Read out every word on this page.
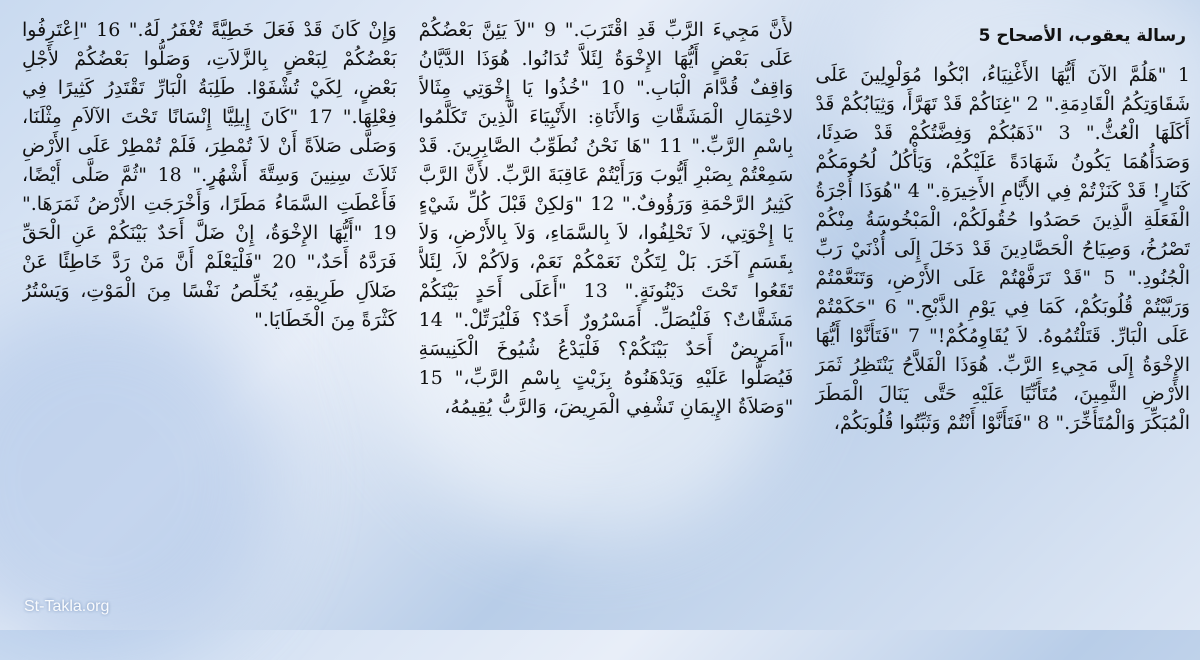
رسالة يعقوب، الأصحاح 5

1 "هَلُمَّ الآنَ أَيُّهَا الأَغْنِيَاءُ، ابْكُوا مُوَلْوِلِينَ عَلَى شَقَاوَتِكُمُ الْقَادِمَةِ." 2 "غِنَاكُمْ قَدْ تَهَرَّأَ، وَثِيَابُكُمْ قَدْ أَكَلَهَا الْعُثُّ." 3 "ذَهَبُكُمْ وَفِضَّتُكُمْ قَدْ صَدِئَا، وَصَدَأُهُمَا يَكُونُ شَهَادَةً عَلَيْكُمْ، وَيَأْكُلُ لُحُومَكُمْ كَنَارٍ! قَدْ كَنَزْتُمْ فِي الأَيَّامِ الأَخِيرَةِ." 4 "هُوَذَا أُجْرَةُ الْفَعَلَةِ الَّذِينَ حَصَدُوا حُقُولَكُمْ، الْمَبْخُوسَةُ مِنْكُمْ تَصْرُخُ، وَصِيَاحُ الْحَصَّادِينَ قَدْ دَخَلَ إِلَى أُذْنَيْ رَبِّ الْجُنُودِ." 5 "قَدْ تَرَفَّهْتُمْ عَلَى الأَرْضِ، وَتَنَعَّمْتُمْ وَرَبَّيْتُمْ قُلُوبَكُمْ، كَمَا فِي يَوْمِ الذَّبْحِ." 6 "حَكَمْتُمْ عَلَى الْبَارِّ. قَتَلْتُمُوهُ. لاَ يُقَاوِمُكُمْ!" 7 "فَتَأَنَّوْا أَيُّهَا الإِخْوَةُ إِلَى مَجِيءِ الرَّبِّ. هُوَذَا الْفَلاَّحُ يَنْتَظِرُ ثَمَرَ الأَرْضِ الثَّمِينَ، مُتَأَنِّيًا عَلَيْهِ حَتَّى يَنَالَ الْمَطَرَ الْمُبَكِّرَ وَالْمُتَأَخِّرَ." 8 "فَتَأَنَّوْا أَنْتُمْ وَثَبِّتُوا قُلُوبَكُمْ،

لأَنَّ مَجِيءَ الرَّبِّ قَدِ اقْتَرَبَ." 9 "لاَ يَئِنَّ بَعْضُكُمْ عَلَى بَعْضٍ أَيُّهَا الإِخْوَةُ لِئَلاَّ تُدَانُوا. هُوَذَا الدَّيَّانُ وَاقِفٌ قُدَّامَ الْبَابِ." 10 "خُذُوا يَا إِخْوَتِي مِثَالاً لاحْتِمَالِ الْمَشَقَّاتِ وَالأَنَاةِ: الأَنْبِيَاءَ الَّذِينَ تَكَلَّمُوا بِاسْمِ الرَّبِّ." 11 "هَا نَحْنُ نُطَوِّبُ الصَّابِرِينَ. قَدْ سَمِعْتُمْ بِصَبْرِ أَيُّوبَ وَرَأَيْتُمْ عَاقِبَةَ الرَّبِّ. لأَنَّ الرَّبَّ كَثِيرُ الرَّحْمَةِ وَرَؤُوفٌ." 12 "وَلكِنْ قَبْلَ كُلِّ شَيْءٍ يَا إِخْوَتِي، لاَ تَحْلِفُوا، لاَ بِالسَّمَاءِ، وَلاَ بِالأَرْضِ، وَلاَ بِقَسَمٍ آخَرَ. بَلْ لِتَكُنْ نَعَمْكُمْ نَعَمْ، وَلاَكُمْ لاَ، لِئَلاَّ تَقَعُوا تَحْتَ دَيْنُونَةٍ." 13 "أَعَلَى أَحَدٍ بَيْنَكُمْ مَشَقَّاتٌ؟ فَلْيُصَلِّ. أَمَسْرُورٌ أَحَدٌ؟ فَلْيُرَتِّلْ." 14 "أَمَرِيضٌ أَحَدٌ بَيْنَكُمْ؟ فَلْيَدْعُ شُيُوخَ الْكَنِيسَةِ فَيُصَلُّوا عَلَيْهِ وَيَدْهَنُوهُ بِزَيْتٍ بِاسْمِ الرَّبِّ،" 15 "وَصَلاَةُ الإِيمَانِ تَشْفِي الْمَرِيضَ، وَالرَّبُّ يُقِيمُهُ،

وَإِنْ كَانَ قَدْ فَعَلَ خَطِيَّةً تُغْفَرُ لَهُ." 16 "اِعْتَرِفُوا بَعْضُكُمْ لِبَعْضٍ بِالزَّلاَتِ، وَصَلُّوا بَعْضُكُمْ لأَجْلِ بَعْضٍ، لِكَيْ تُشْفَوْا. طَلِبَةُ الْبَارِّ تَقْتَدِرُ كَثِيرًا فِي فِعْلِهَا." 17 "كَانَ إِيلِيَّا إِنْسَانًا تَحْتَ الآلاَمِ مِثْلَنَا، وَصَلَّى صَلاَةً أَنْ لاَ تُمْطِرَ، فَلَمْ تُمْطِرْ عَلَى الأَرْضِ ثَلاَثَ سِنِينَ وَسِتَّةَ أَشْهُرٍ." 18 "ثُمَّ صَلَّى أَيْضًا، فَأَعْطَتِ السَّمَاءُ مَطَرًا، وَأَخْرَجَتِ الأَرْضُ ثَمَرَهَا." 19 "أَيُّهَا الإِخْوَةُ، إِنْ ضَلَّ أَحَدٌ بَيْنَكُمْ عَنِ الْحَقِّ فَرَدَّهُ أَحَدٌ،" 20 "فَلْيَعْلَمْ أَنَّ مَنْ رَدَّ خَاطِئًا عَنْ ضَلاَلِ طَرِيقِهِ، يُخَلِّصُ نَفْسًا مِنَ الْمَوْتِ، وَيَسْتُرُ كَثْرَةً مِنَ الْخَطَايَا."

St-Takla.org
